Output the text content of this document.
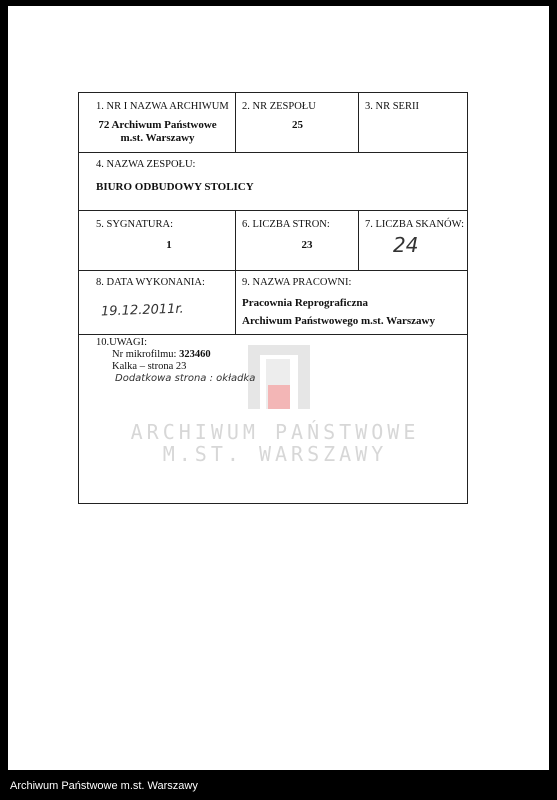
ARCHIWUM PAŃSTWOWE
M.ST. WARSZAWY
1. NR I NAZWA ARCHIWUM
72 Archiwum Państwowe
m.st. Warszawy
2. NR ZESPOŁU
25
3. NR SERII
4. NAZWA ZESPOŁU:
BIURO ODBUDOWY STOLICY
5. SYGNATURA:
1
6. LICZBA STRON:
23
7. LICZBA SKANÓW:
24
8. DATA WYKONANIA:
19.12.2011r.
9. NAZWA PRACOWNI:
Pracownia Reprograficzna
Archiwum Państwowego m.st. Warszawy
10.UWAGI:
Nr mikrofilmu: 323460
Kalka – strona 23
Dodatkowa strona : okładka
Archiwum Państwowe m.st. Warszawy
